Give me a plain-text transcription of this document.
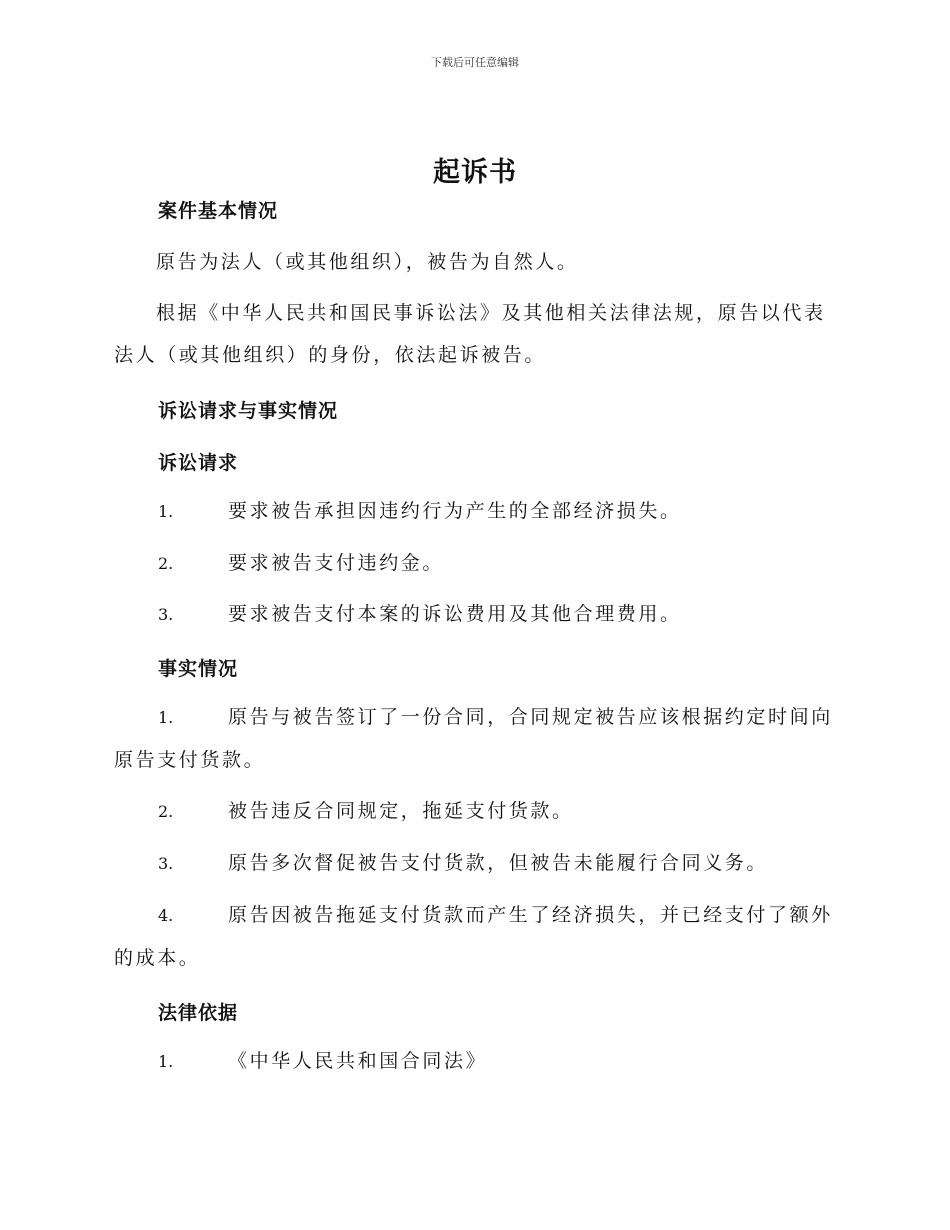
下载后可任意编辑
起诉书
案件基本情况
原告为法人（或其他组织），被告为自然人。
根据《中华人民共和国民事诉讼法》及其他相关法律法规，原告以代表法人（或其他组织）的身份，依法起诉被告。
诉讼请求与事实情况
诉讼请求
1.	要求被告承担因违约行为产生的全部经济损失。
2.	要求被告支付违约金。
3.	要求被告支付本案的诉讼费用及其他合理费用。
事实情况
1.	原告与被告签订了一份合同，合同规定被告应该根据约定时间向原告支付货款。
2.	被告违反合同规定，拖延支付货款。
3.	原告多次督促被告支付货款，但被告未能履行合同义务。
4.	原告因被告拖延支付货款而产生了经济损失，并已经支付了额外的成本。
法律依据
1.	《中华人民共和国合同法》
